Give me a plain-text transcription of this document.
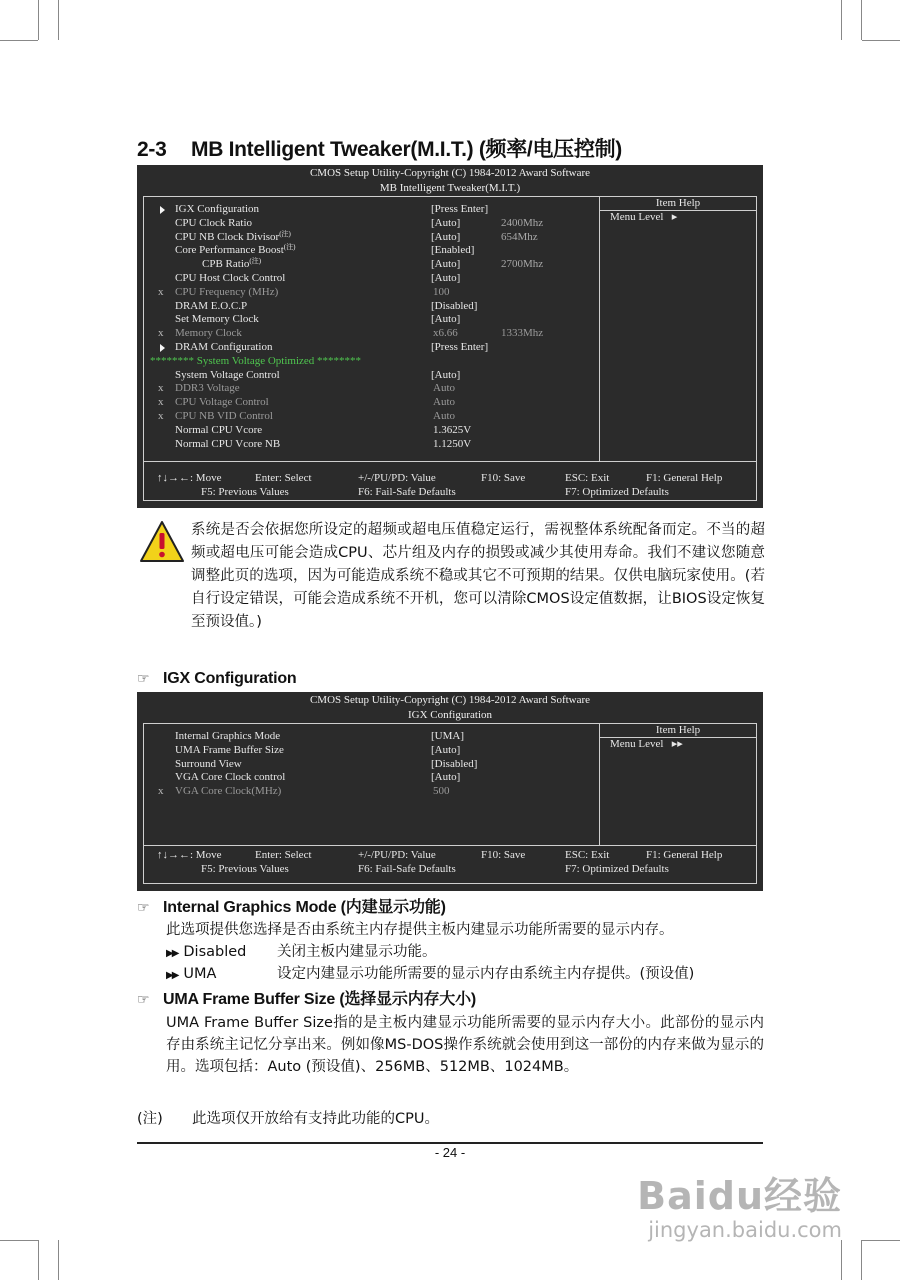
2-3 MB Intelligent Tweaker(M.I.T.) (频率/电压控制)
CMOS Setup Utility-Copyright (C) 1984-2012 Award Software
MB Intelligent Tweaker(M.I.T.)
IGX Configuration	[Press Enter]
CPU Clock Ratio	[Auto]	2400Mhz
CPU NB Clock Divisor$^{(注)}$	[Auto]	654Mhz
Core Performance Boost$^{(注)}$	[Enabled]
CPB Ratio$^{(注)}$	[Auto]	2700Mhz
CPU Host Clock Control	[Auto]
x	CPU Frequency (MHz)	100
DRAM E.O.C.P	[Disabled]
Set Memory Clock	[Auto]
x	Memory Clock	x6.66	1333Mhz
DRAM Configuration	[Press Enter]
******** System Voltage Optimized ********
System Voltage Control	[Auto]
x	DDR3 Voltage	Auto
x	CPU Voltage Control	Auto
x	CPU NB VID Control	Auto
Normal CPU Vcore	1.3625V
Normal CPU Vcore NB	1.1250V
Item Help
Menu Level ▸
↑↓→←: Move	Enter: Select	+/-/PU/PD: Value	F10: Save	ESC: Exit	F1: General Help
F5: Previous Values	F6: Fail-Safe Defaults	F7: Optimized Defaults
系统是否会依据您所设定的超频或超电压值稳定运行，需视整体系统配备而定。不当的超频或超电压可能会造成CPU、芯片组及内存的损毁或减少其使用寿命。我们不建议您随意调整此页的选项，因为可能造成系统不稳或其它不可预期的结果。仅供电脑玩家使用。(若自行设定错误，可能会造成系统不开机，您可以清除CMOS设定值数据，让BIOS设定恢复至预设值。)
☞ IGX Configuration
CMOS Setup Utility-Copyright (C) 1984-2012 Award Software
IGX Configuration
Internal Graphics Mode	[UMA]
UMA Frame Buffer Size	[Auto]
Surround View	[Disabled]
VGA Core Clock control	[Auto]
x	VGA Core Clock(MHz)	500
Item Help
Menu Level ▸▸
↑↓→←: Move	Enter: Select	+/-/PU/PD: Value	F10: Save	ESC: Exit	F1: General Help
F5: Previous Values	F6: Fail-Safe Defaults	F7: Optimized Defaults
☞ Internal Graphics Mode (内建显示功能)
此选项提供您选择是否由系统主内存提供主板内建显示功能所需要的显示内存。
▶▶ Disabled 关闭主板内建显示功能。
▶▶ UMA	设定内建显示功能所需要的显示内存由系统主内存提供。(预设值)
☞ UMA Frame Buffer Size (选择显示内存大小)
UMA Frame Buffer Size指的是主板内建显示功能所需要的显示内存大小。此部份的显示内存由系统主记忆分享出来。例如像MS-DOS操作系统就会使用到这一部份的内存来做为显示的用。选项包括：Auto (预设值)、256MB、512MB、1024MB。
(注) 此选项仅开放给有支持此功能的CPU。
- 24 -
Baidu经验
jingyan.baidu.com
